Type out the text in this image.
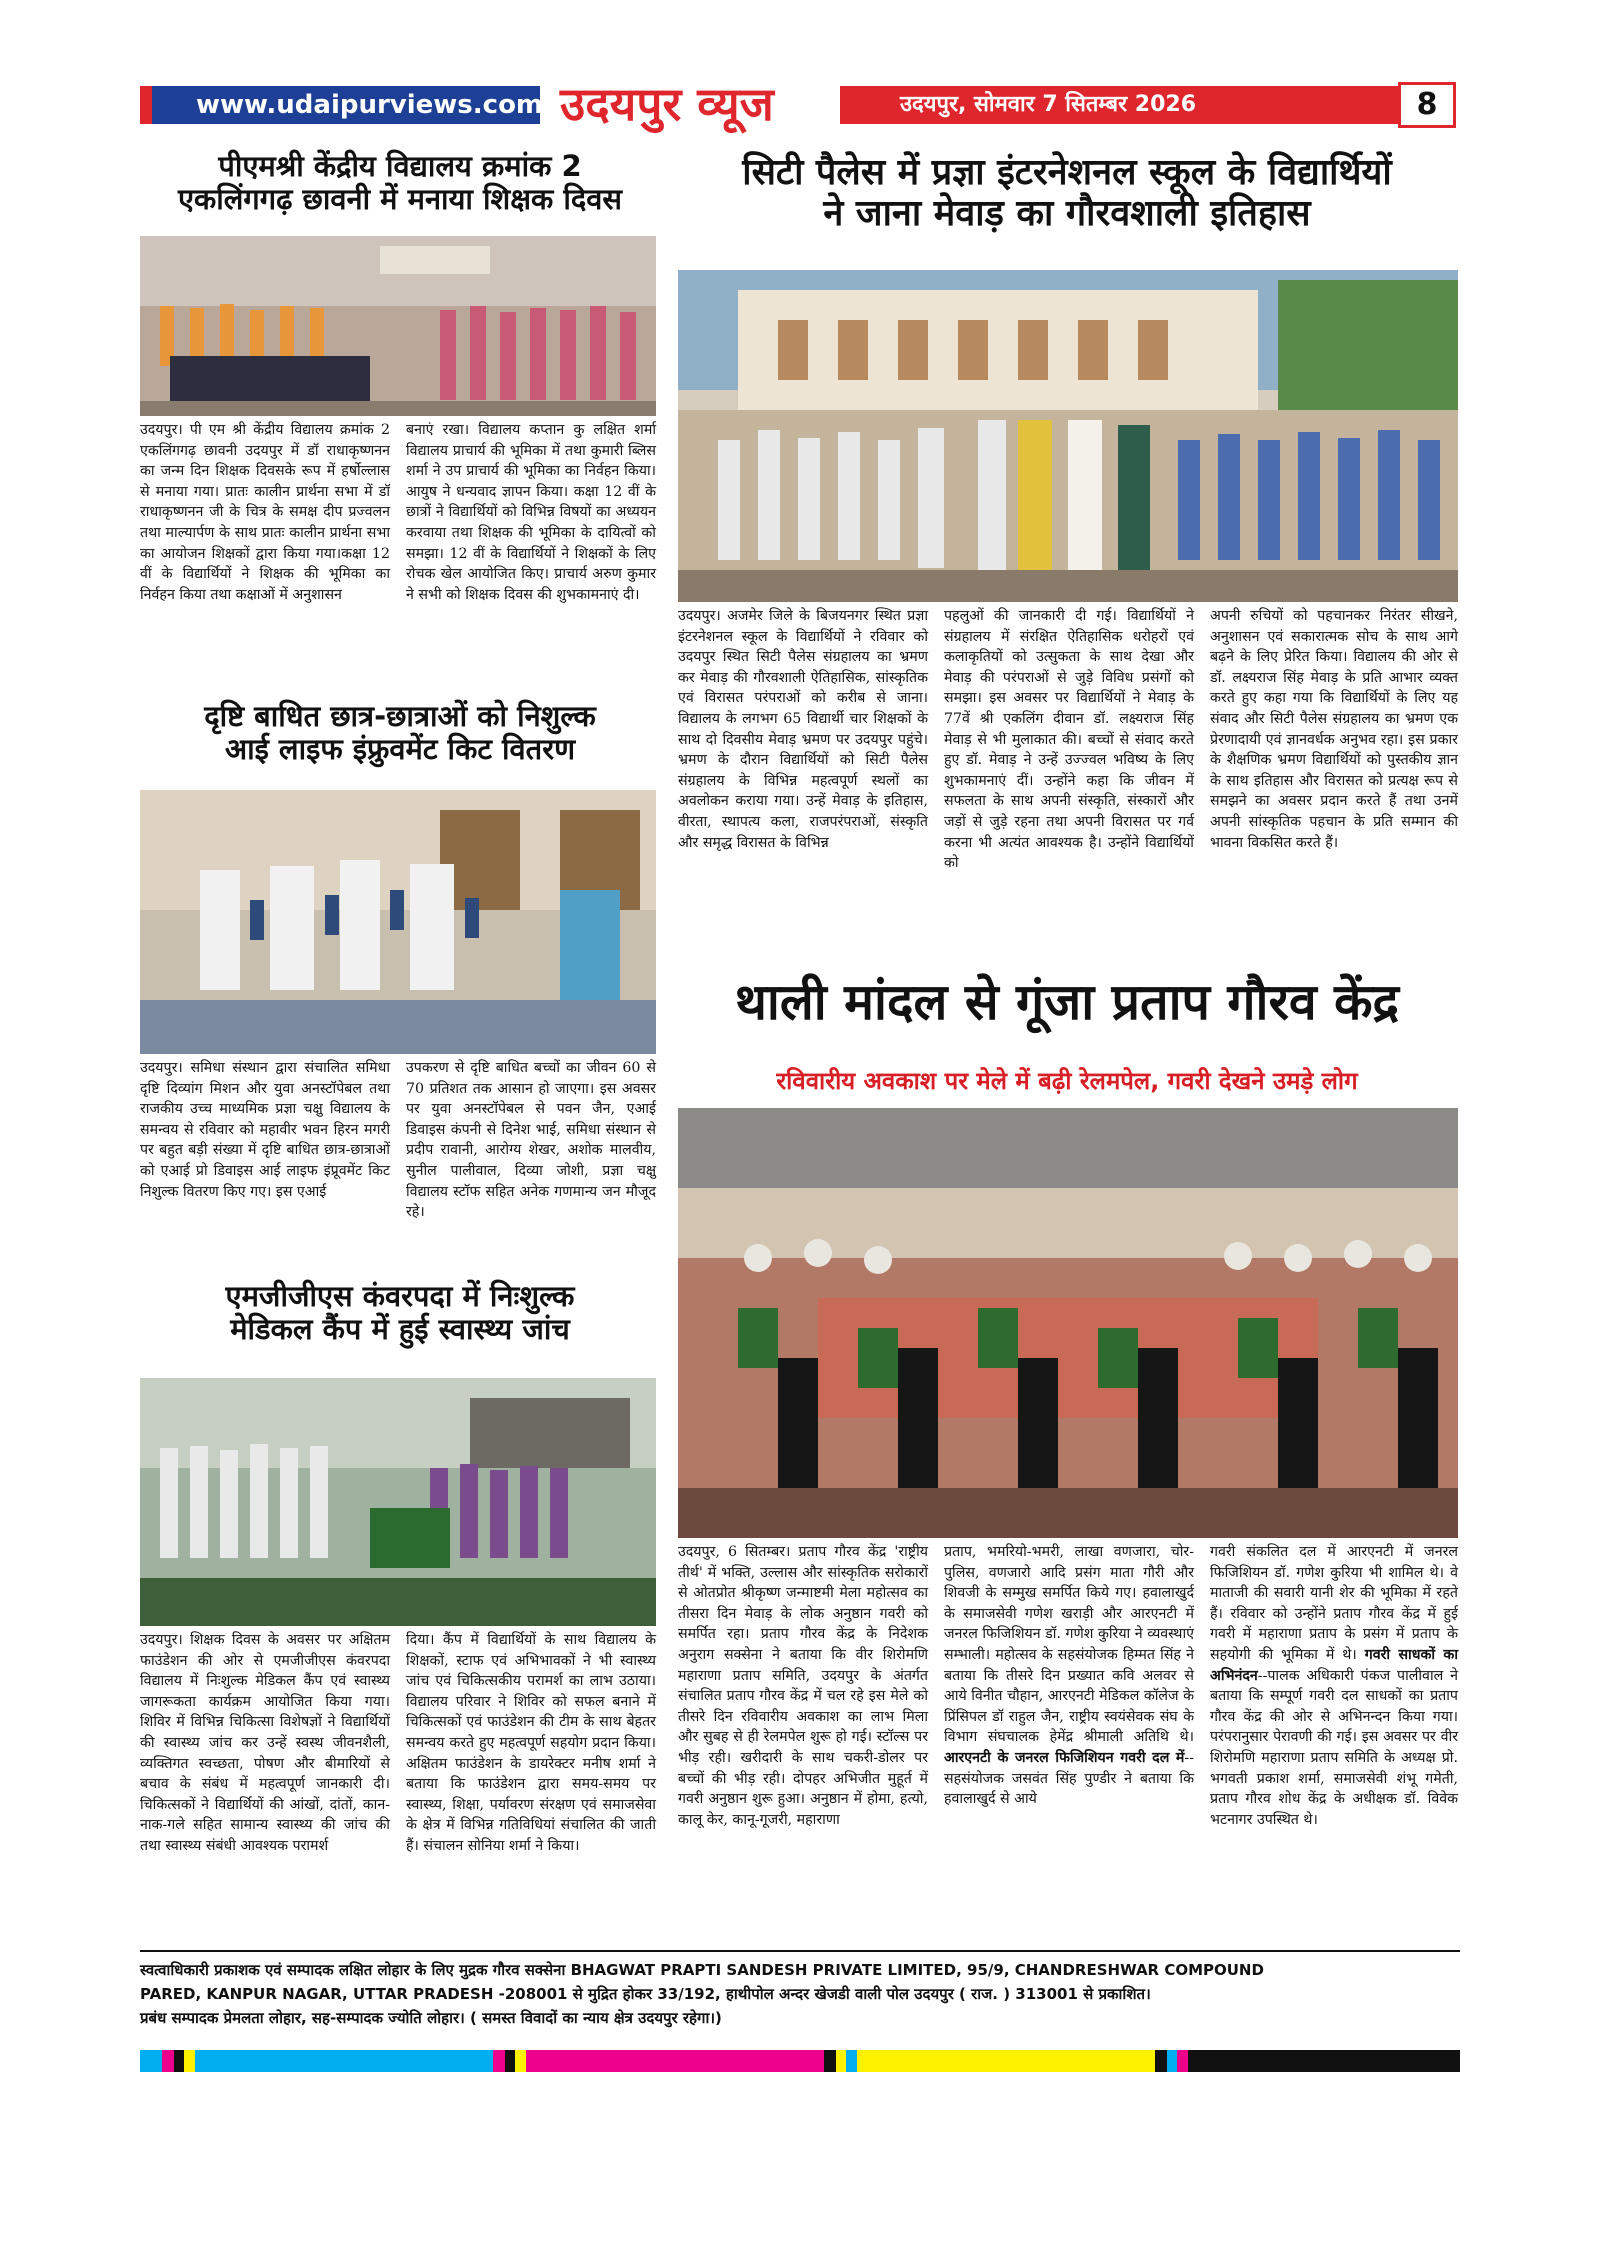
www.udaipurviews.com उदयपुर व्यूज	उदयपुर, सोमवार 7 सितम्बर 2026	8
पीएमश्री केंद्रीय विद्यालय क्रमांक 2
एकलिंगगढ़ छावनी में मनाया शिक्षक दिवस
उदयपुर। पी एम श्री केंद्रीय विद्यालय क्रमांक 2 एकलिंगगढ़ छावनी उदयपुर में डॉ राधाकृष्णनन का जन्म दिन शिक्षक दिवसके रूप में हर्षोल्लास से मनाया गया। प्रातः कालीन प्रार्थना सभा में डॉ राधाकृष्णनन जी के चित्र के समक्ष दीप प्रज्वलन तथा माल्यार्पण के साथ प्रातः कालीन प्रार्थना सभा का आयोजन शिक्षकों द्वारा किया गया।कक्षा 12 वीं के विद्यार्थियों ने शिक्षक की भूमिका का निर्वहन किया तथा कक्षाओं में अनुशासन
बनाएं रखा। विद्यालय कप्तान कु लक्षित शर्मा विद्यालय प्राचार्य की भूमिका में तथा कुमारी ब्लिस शर्मा ने उप प्राचार्य की भूमिका का निर्वहन किया। आयुष ने धन्यवाद ज्ञापन किया। कक्षा 12 वीं के छात्रों ने विद्यार्थियों को विभिन्न विषयों का अध्ययन करवाया तथा शिक्षक की भूमिका के दायित्वों को समझा। 12 वीं के विद्यार्थियों ने शिक्षकों के लिए रोचक खेल आयोजित किए। प्राचार्य अरुण कुमार ने सभी को शिक्षक दिवस की शुभकामनाएं दी।
दृष्टि बाधित छात्र-छात्राओं को निशुल्क
आई लाइफ इंफ्रुवमेंट किट वितरण
उदयपुर। समिधा संस्थान द्वारा संचालित समिधा दृष्टि दिव्यांग मिशन और युवा अनस्टॉपेबल तथा राजकीय उच्च माध्यमिक प्रज्ञा चक्षु विद्यालय के समन्वय से रविवार को महावीर भवन हिरन मगरी पर बहुत बड़ी संख्या में दृष्टि बाधित छात्र-छात्राओं को एआई प्रो डिवाइस आई लाइफ इंप्रूवमेंट किट निशुल्क वितरण किए गए। इस एआई
उपकरण से दृष्टि बाधित बच्चों का जीवन 60 से 70 प्रतिशत तक आसान हो जाएगा। इस अवसर पर युवा अनस्टॉपेबल से पवन जैन, एआई डिवाइस कंपनी से दिनेश भाई, समिधा संस्थान से प्रदीप रावानी, आरोग्य शेखर, अशोक मालवीय, सुनील पालीवाल, दिव्या जोशी, प्रज्ञा चक्षु विद्यालय स्टॉफ सहित अनेक गणमान्य जन मौजूद रहे।
एमजीजीएस कंवरपदा में निःशुल्क
मेडिकल कैंप में हुई स्वास्थ्य जांच
उदयपुर। शिक्षक दिवस के अवसर पर अक्षितम फाउंडेशन की ओर से एमजीजीएस कंवरपदा विद्यालय में निःशुल्क मेडिकल कैंप एवं स्वास्थ्य जागरूकता कार्यक्रम आयोजित किया गया। शिविर में विभिन्न चिकित्सा विशेषज्ञों ने विद्यार्थियों की स्वास्थ्य जांच कर उन्हें स्वस्थ जीवनशैली, व्यक्तिगत स्वच्छता, पोषण और बीमारियों से बचाव के संबंध में महत्वपूर्ण जानकारी दी। चिकित्सकों ने विद्यार्थियों की आंखों, दांतों, कान-नाक-गले सहित सामान्य स्वास्थ्य की जांच की तथा स्वास्थ्य संबंधी आवश्यक परामर्श
दिया। कैंप में विद्यार्थियों के साथ विद्यालय के शिक्षकों, स्टाफ एवं अभिभावकों ने भी स्वास्थ्य जांच एवं चिकित्सकीय परामर्श का लाभ उठाया। विद्यालय परिवार ने शिविर को सफल बनाने में चिकित्सकों एवं फाउंडेशन की टीम के साथ बेहतर समन्वय करते हुए महत्वपूर्ण सहयोग प्रदान किया। अक्षितम फाउंडेशन के डायरेक्टर मनीष शर्मा ने बताया कि फाउंडेशन द्वारा समय-समय पर स्वास्थ्य, शिक्षा, पर्यावरण संरक्षण एवं समाजसेवा के क्षेत्र में विभिन्न गतिविधियां संचालित की जाती हैं। संचालन सोनिया शर्मा ने किया।
सिटी पैलेस में प्रज्ञा इंटरनेशनल स्कूल के विद्यार्थियों
ने जाना मेवाड़ का गौरवशाली इतिहास
उदयपुर। अजमेर जिले के बिजयनगर स्थित प्रज्ञा इंटरनेशनल स्कूल के विद्यार्थियों ने रविवार को उदयपुर स्थित सिटी पैलेस संग्रहालय का भ्रमण कर मेवाड़ की गौरवशाली ऐतिहासिक, सांस्कृतिक एवं विरासत परंपराओं को करीब से जाना। विद्यालय के लगभग 65 विद्यार्थी चार शिक्षकों के साथ दो दिवसीय मेवाड़ भ्रमण पर उदयपुर पहुंचे। भ्रमण के दौरान विद्यार्थियों को सिटी पैलेस संग्रहालय के विभिन्न महत्वपूर्ण स्थलों का अवलोकन कराया गया। उन्हें मेवाड़ के इतिहास, वीरता, स्थापत्य कला, राजपरंपराओं, संस्कृति और समृद्ध विरासत के विभिन्न
पहलुओं की जानकारी दी गई। विद्यार्थियों ने संग्रहालय में संरक्षित ऐतिहासिक धरोहरों एवं कलाकृतियों को उत्सुकता के साथ देखा और मेवाड़ की परंपराओं से जुड़े विविध प्रसंगों को समझा। इस अवसर पर विद्यार्थियों ने मेवाड़ के 77वें श्री एकलिंग दीवान डॉ. लक्ष्यराज सिंह मेवाड़ से भी मुलाकात की। बच्चों से संवाद करते हुए डॉ. मेवाड़ ने उन्हें उज्ज्वल भविष्य के लिए शुभकामनाएं दीं। उन्होंने कहा कि जीवन में सफलता के साथ अपनी संस्कृति, संस्कारों और जड़ों से जुड़े रहना तथा अपनी विरासत पर गर्व करना भी अत्यंत आवश्यक है। उन्होंने विद्यार्थियों को
अपनी रुचियों को पहचानकर निरंतर सीखने, अनुशासन एवं सकारात्मक सोच के साथ आगे बढ़ने के लिए प्रेरित किया। विद्यालय की ओर से डॉ. लक्ष्यराज सिंह मेवाड़ के प्रति आभार व्यक्त करते हुए कहा गया कि विद्यार्थियों के लिए यह संवाद और सिटी पैलेस संग्रहालय का भ्रमण एक प्रेरणादायी एवं ज्ञानवर्धक अनुभव रहा। इस प्रकार के शैक्षणिक भ्रमण विद्यार्थियों को पुस्तकीय ज्ञान के साथ इतिहास और विरासत को प्रत्यक्ष रूप से समझने का अवसर प्रदान करते हैं तथा उनमें अपनी सांस्कृतिक पहचान के प्रति सम्मान की भावना विकसित करते हैं।
थाली मांदल से गूंजा प्रताप गौरव केंद्र
रविवारीय अवकाश पर मेले में बढ़ी रेलमपेल, गवरी देखने उमड़े लोग
उदयपुर, 6 सितम्बर। प्रताप गौरव केंद्र 'राष्ट्रीय तीर्थ' में भक्ति, उल्लास और सांस्कृतिक सरोकारों से ओतप्रोत श्रीकृष्ण जन्माष्टमी मेला महोत्सव का तीसरा दिन मेवाड़ के लोक अनुष्ठान गवरी को समर्पित रहा। प्रताप गौरव केंद्र के निदेशक अनुराग सक्सेना ने बताया कि वीर शिरोमणि महाराणा प्रताप समिति, उदयपुर के अंतर्गत संचालित प्रताप गौरव केंद्र में चल रहे इस मेले को तीसरे दिन रविवारीय अवकाश का लाभ मिला और सुबह से ही रेलमपेल शुरू हो गई। स्टॉल्स पर भीड़ रही। खरीदारी के साथ चकरी-डोलर पर बच्चों की भीड़ रही। दोपहर अभिजीत मुहूर्त में गवरी अनुष्ठान शुरू हुआ। अनुष्ठान में होमा, हत्यो, कालू केर, कानू-गूजरी, महाराणा
प्रताप, भमरियो-भमरी, लाखा वणजारा, चोर-पुलिस, वणजारो आदि प्रसंग माता गौरी और शिवजी के सम्मुख समर्पित किये गए। हवालाखुर्द के समाजसेवी गणेश खराड़ी और आरएनटी में जनरल फिजिशियन डॉ. गणेश कुरिया ने व्यवस्थाएं सम्भाली। महोत्सव के सहसंयोजक हिम्मत सिंह ने बताया कि तीसरे दिन प्रख्यात कवि अलवर से आये विनीत चौहान, आरएनटी मेडिकल कॉलेज के प्रिंसिपल डॉ राहुल जैन, राष्ट्रीय स्वयंसेवक संघ के विभाग संघचालक हेमेंद्र श्रीमाली अतिथि थे। आरएनटी के जनरल फिजिशियन गवरी दल में--सहसंयोजक जसवंत सिंह पुण्डीर ने बताया कि हवालाखुर्द से आये
गवरी संकलित दल में आरएनटी में जनरल फिजिशियन डॉ. गणेश कुरिया भी शामिल थे। वे माताजी की सवारी यानी शेर की भूमिका में रहते हैं। रविवार को उन्होंने प्रताप गौरव केंद्र में हुई गवरी में महाराणा प्रताप के प्रसंग में प्रताप के सहयोगी की भूमिका में थे। गवरी साधकों का अभिनंदन--पालक अधिकारी पंकज पालीवाल ने बताया कि सम्पूर्ण गवरी दल साधकों का प्रताप गौरव केंद्र की ओर से अभिनन्दन किया गया। परंपरानुसार पेरावणी की गई। इस अवसर पर वीर शिरोमणि महाराणा प्रताप समिति के अध्यक्ष प्रो. भगवती प्रकाश शर्मा, समाजसेवी शंभू गमेती, प्रताप गौरव शोध केंद्र के अधीक्षक डॉ. विवेक भटनागर उपस्थित थे।
स्वत्वाधिकारी प्रकाशक एवं सम्पादक लक्षित लोहार के लिए मुद्रक गौरव सक्सेना BHAGWAT PRAPTI SANDESH PRIVATE LIMITED, 95/9, CHANDRESHWAR COMPOUND
PARED, KANPUR NAGAR, UTTAR PRADESH -208001 से मुद्रित होकर 33/192, हाथीपोल अन्दर खेजडी वाली पोल उदयपुर ( राज. ) 313001 से प्रकाशित।
प्रबंध सम्पादक प्रेमलता लोहार, सह-सम्पादक ज्योति लोहार। ( समस्त विवादों का न्याय क्षेत्र उदयपुर रहेगा।)
